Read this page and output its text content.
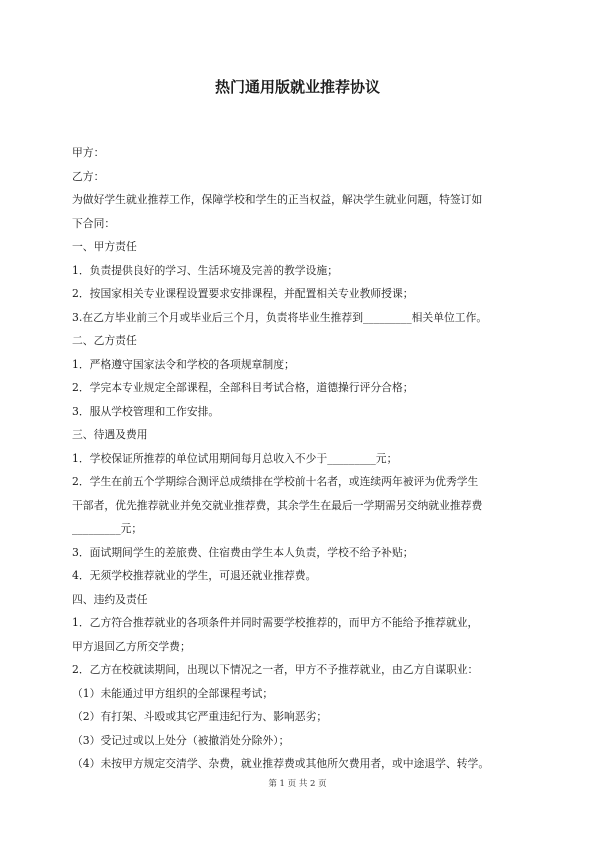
热门通用版就业推荐协议
甲方：
乙方：
为做好学生就业推荐工作，保障学校和学生的正当权益，解决学生就业问题，特签订如
下合同：
一、甲方责任
1．负责提供良好的学习、生活环境及完善的教学设施；
2．按国家相关专业课程设置要求安排课程，并配置相关专业教师授课；
3.在乙方毕业前三个月或毕业后三个月，负责将毕业生推荐到_________相关单位工作。
二、乙方责任
1．严格遵守国家法令和学校的各项规章制度；
2．学完本专业规定全部课程，全部科目考试合格，道德操行评分合格；
3．服从学校管理和工作安排。
三、待遇及费用
1．学校保证所推荐的单位试用期间每月总收入不少于_________元；
2．学生在前五个学期综合测评总成绩排在学校前十名者，或连续两年被评为优秀学生
干部者，优先推荐就业并免交就业推荐费，其余学生在最后一学期需另交纳就业推荐费
_________元；
3．面试期间学生的差旅费、住宿费由学生本人负责，学校不给予补贴；
4．无须学校推荐就业的学生，可退还就业推荐费。
四、违约及责任
1．乙方符合推荐就业的各项条件并同时需要学校推荐的，而甲方不能给予推荐就业，
甲方退回乙方所交学费；
2．乙方在校就读期间，出现以下情况之一者，甲方不予推荐就业，由乙方自谋职业：
（1）未能通过甲方组织的全部课程考试；
（2）有打架、斗殴或其它严重违纪行为、影响恶劣；
（3）受记过或以上处分（被撤消处分除外）；
（4）未按甲方规定交清学、杂费，就业推荐费或其他所欠费用者，或中途退学、转学。
第 1 页 共 2 页
